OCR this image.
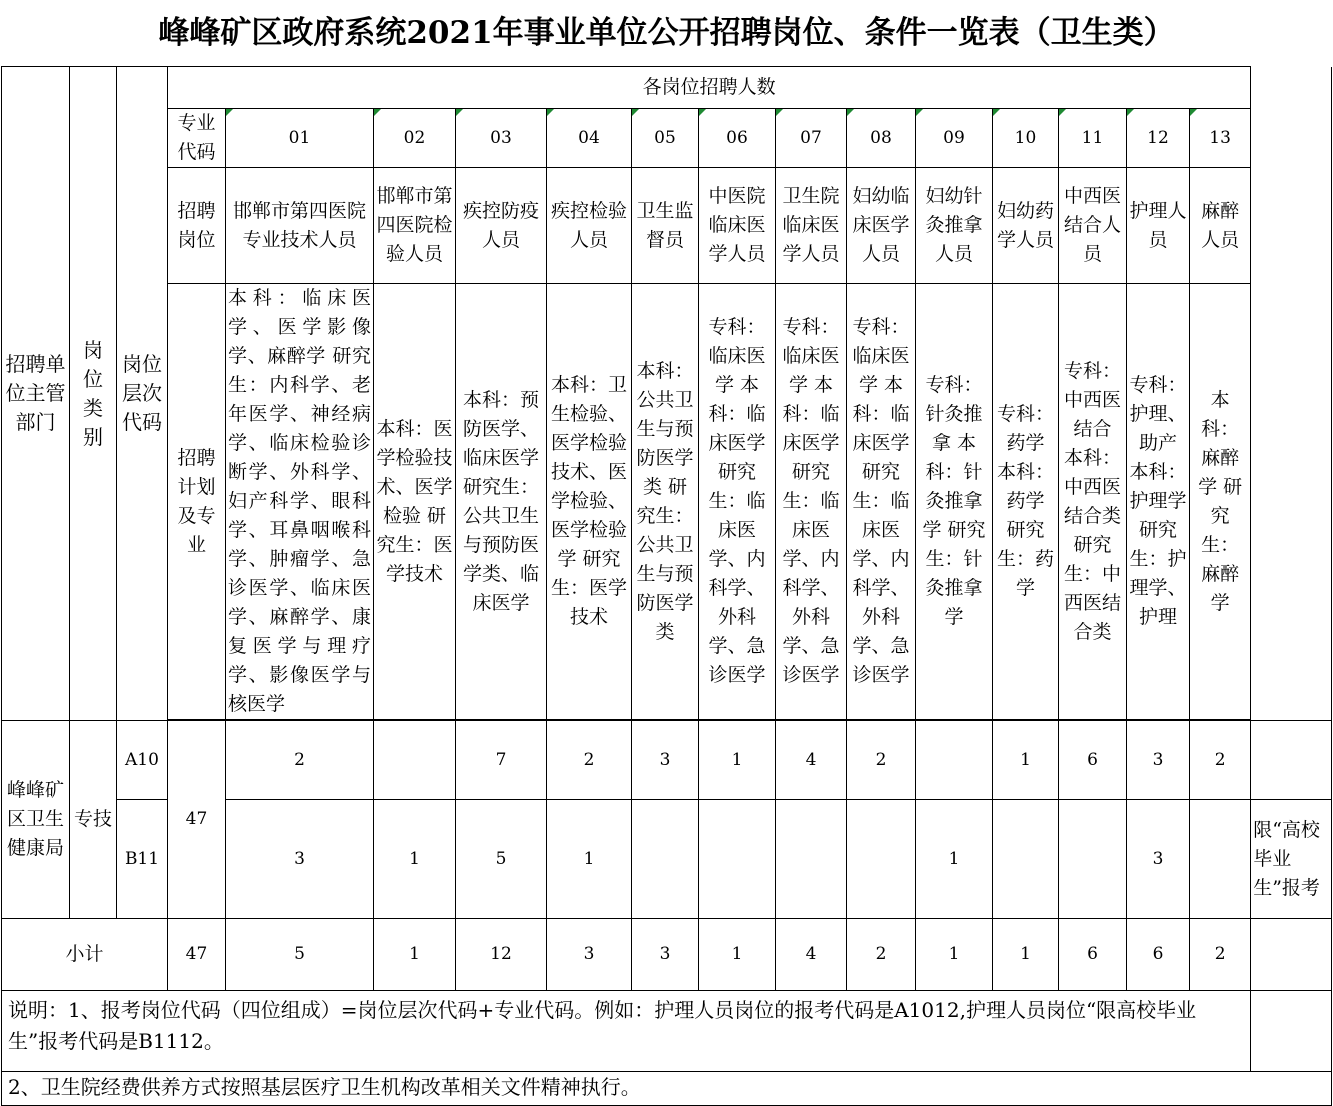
峰峰矿区政府系统2021年事业单位公开招聘岗位、条件一览表（卫生类）
招聘单位主管部门	岗位类别	岗位层次代码	各岗位招聘人数														
			专业代码	01	02	03	04	05	06	07	08	09	10	11	12	13	
			招聘岗位	邯郸市第四医院专业技术人员	邯郸市第四医院检验人员	疾控防疫人员	疾控检验人员	卫生监督员	中医院临床医学人员	卫生院临床医学人员	妇幼临床医学人员	妇幼针灸推拿人员	妇幼药学人员	中西医结合人员	护理人员	麻醉人员	
			招聘计划及专业	本科：临床医学、医学影像学、麻醉学 研究生：内科学、老年医学、神经病学、临床检验诊断学、外科学、妇产科学、眼科学、耳鼻咽喉科学、肿瘤学、急诊医学、临床医学、麻醉学、康复医学与理疗学、影像医学与核医学	本科：医学检验技术、医学检验 研究生：医学技术	本科：预防医学、临床医学研究生：公共卫生与预防医学类、临床医学	本科：卫生检验、医学检验技术、医学检验、医学检验学 研究生：医学技术	本科：公共卫生与预防医学类 研究生：公共卫生与预防医学类	专科：临床医学 本科：临床医学 研究生：临床医学、内科学、外科学、急诊医学	专科：临床医学 本科：临床医学 研究生：临床医学、内科学、外科学、急诊医学	专科：临床医学 本科：临床医学 研究生：临床医学、内科学、外科学、急诊医学	专科：针灸推拿 本科：针灸推拿学 研究生：针灸推拿学	专科：药学 本科：药学 研究生：药学	专科：中西医结合 本科：中西医结合类 研究生：中西医结合类	专科：护理、助产 本科：护理学 研究生：护理学、护理	本科：麻醉学 研究生：麻醉学	

峰峰矿区卫生健康局	专技	A10	47	2		7	2	3	1	4	2		1	6	3	2	
		B11		3	1	5	1					1			3		限“高校毕业生”报考
小计			47	5	1	12	3	3	1	4	2	1	1	6	6	2	
说明：1、报考岗位代码（四位组成）=岗位层次代码+专业代码。例如：护理人员岗位的报考代码是A1012,护理人员岗位“限高校毕业生”报考代码是B1112。																	
2、卫生院经费供养方式按照基层医疗卫生机构改革相关文件精神执行。																	
